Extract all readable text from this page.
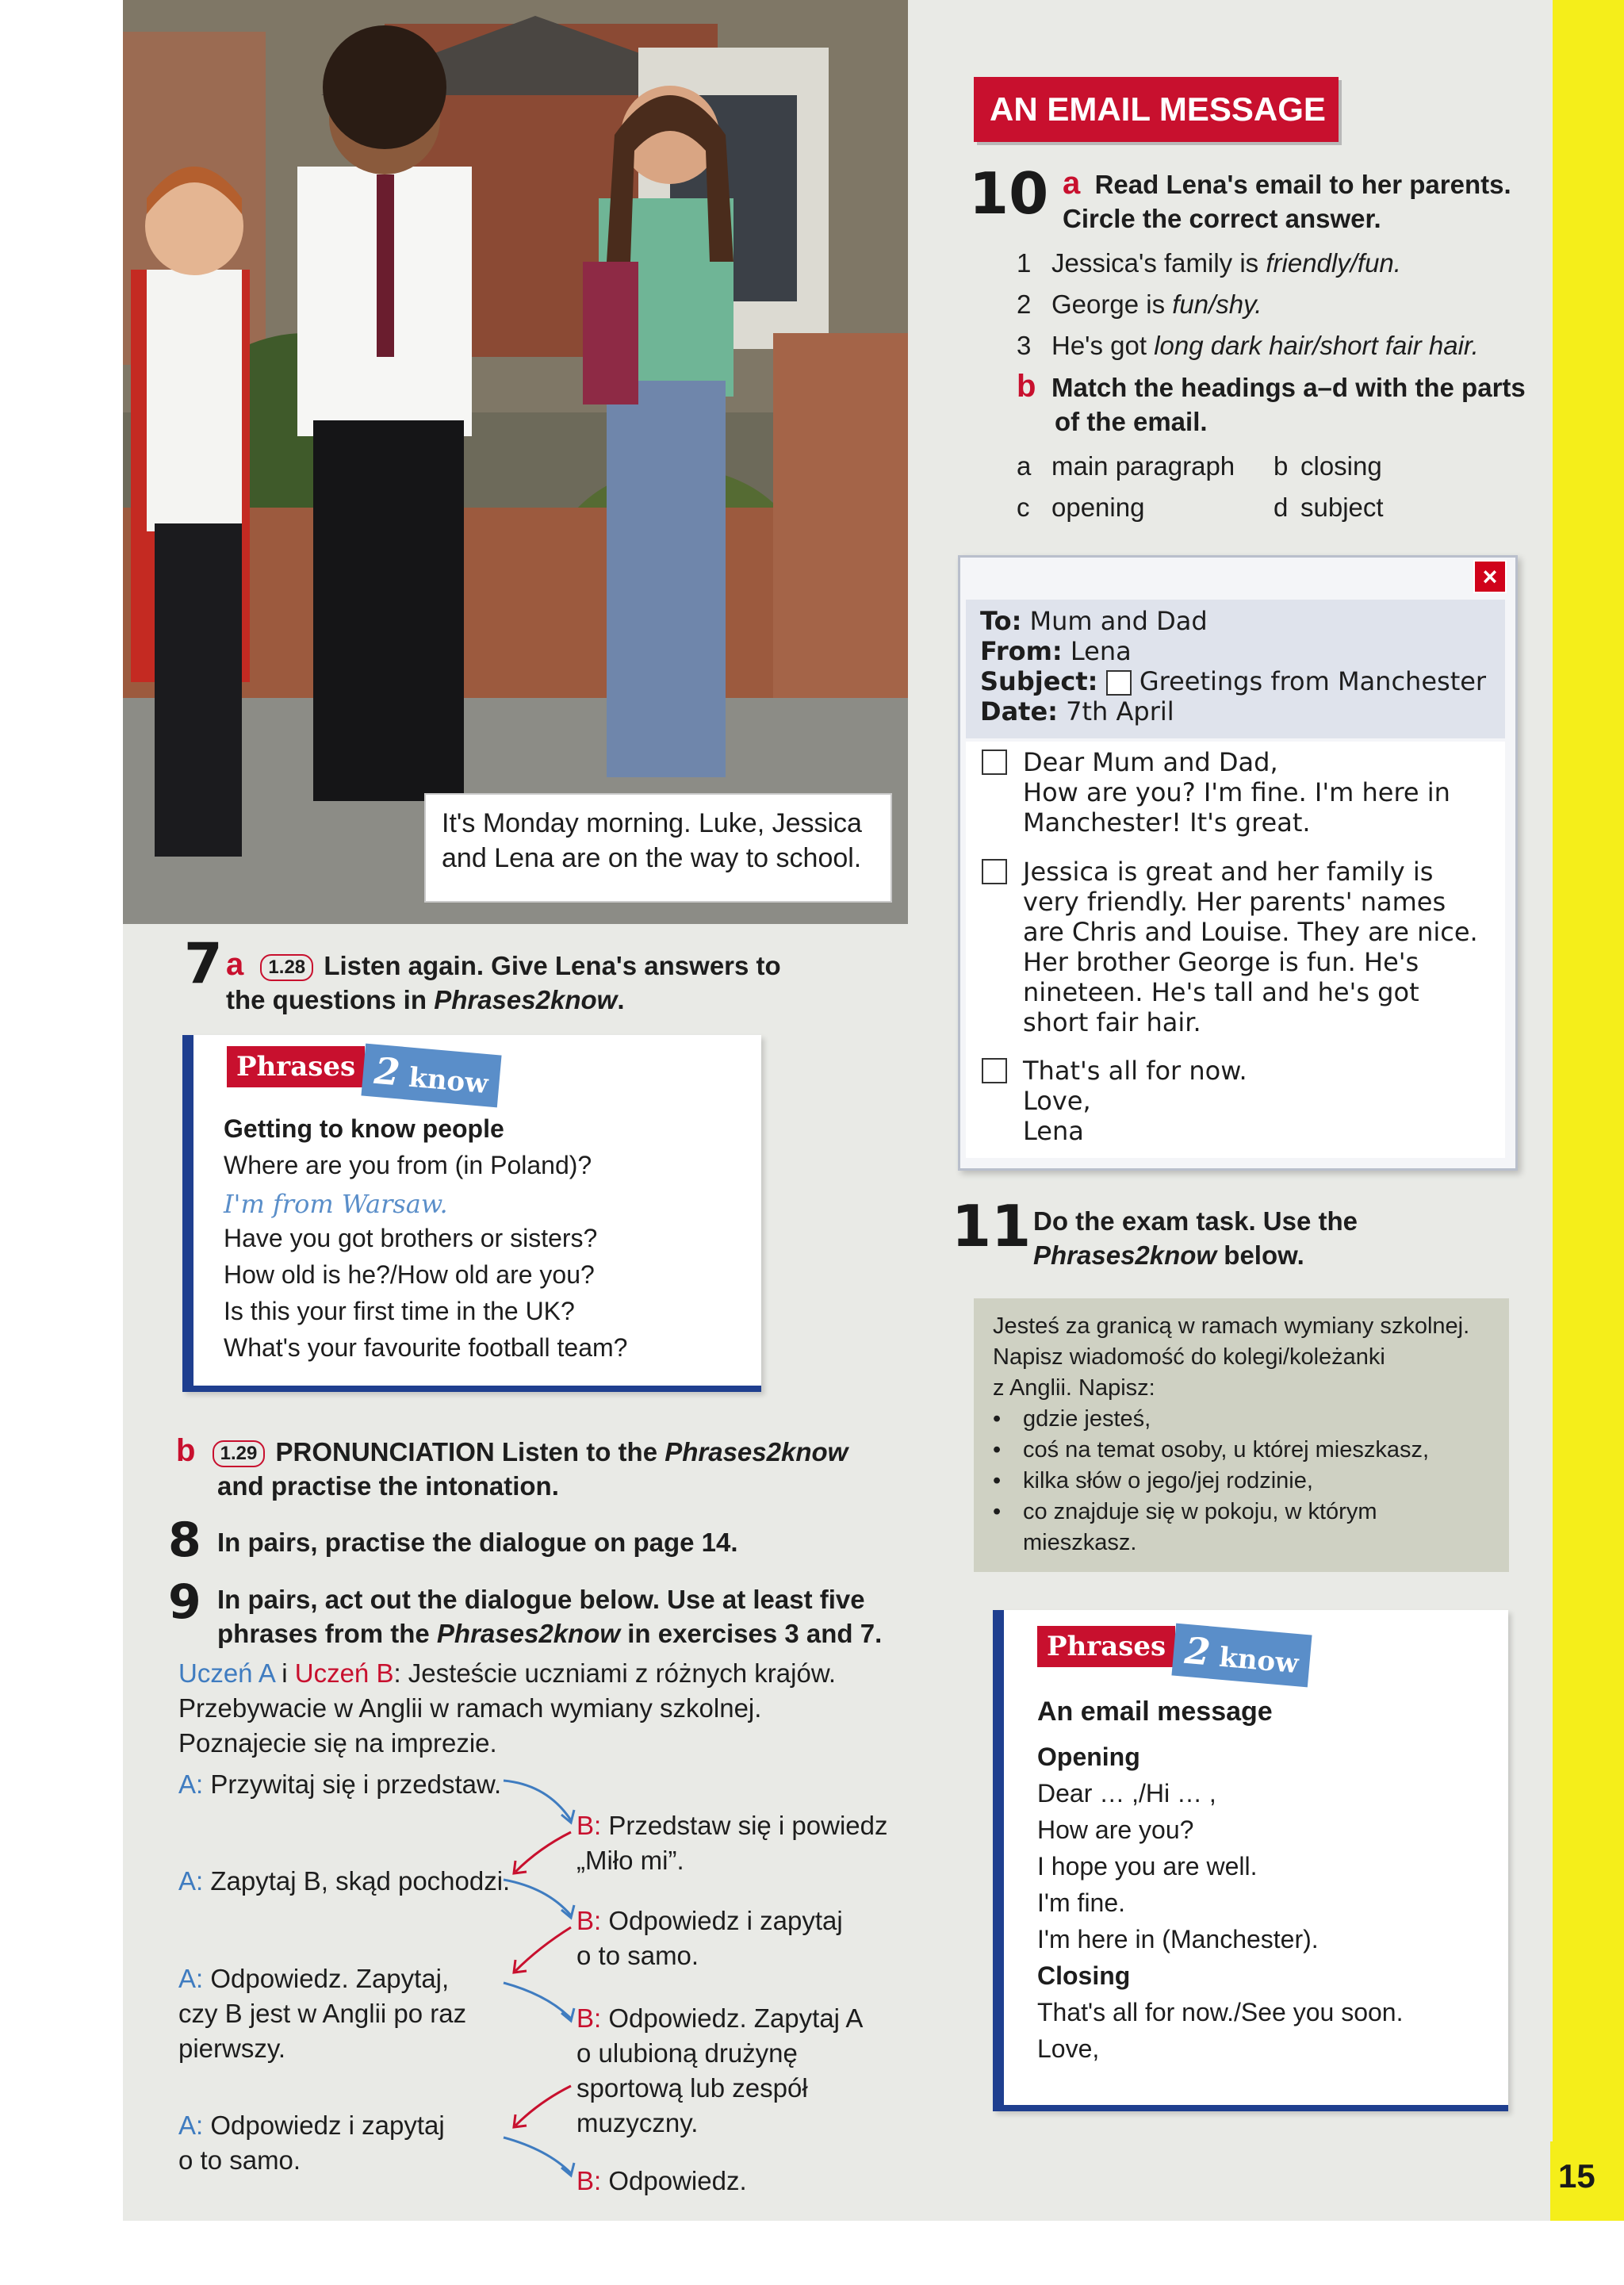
15
It's Monday morning. Luke, Jessica
and Lena are on the way to school.
7 a 1.28 Listen again. Give Lena's answers to
the questions in Phrases2know.
Phrases 2 know
Getting to know people
Where are you from (in Poland)?
I'm from Warsaw.
Have you got brothers or sisters?
How old is he?/How old are you?
Is this your first time in the UK?
What's your favourite football team?
b 1.29 PRONUNCIATION Listen to the Phrases2know
and practise the intonation.
8 In pairs, practise the dialogue on page 14.
9 In pairs, act out the dialogue below. Use at least five
phrases from the Phrases2know in exercises 3 and 7.
Uczeń A i Uczeń B: Jesteście uczniami z różnych krajów.
Przebywacie w Anglii w ramach wymiany szkolnej.
Poznajecie się na imprezie.
A: Przywitaj się i przedstaw.
B: Przedstaw się i powiedz
„Miło mi”.
A: Zapytaj B, skąd pochodzi.
B: Odpowiedz i zapytaj
o to samo.
A: Odpowiedz. Zapytaj,
czy B jest w Anglii po raz
pierwszy.
B: Odpowiedz. Zapytaj A
o ulubioną drużynę
sportową lub zespół
muzyczny.
A: Odpowiedz i zapytaj
o to samo.
B: Odpowiedz.
AN EMAIL MESSAGE
10 a Read Lena's email to her parents.
Circle the correct answer.
1 Jessica's family is friendly/fun.
2 George is fun/shy.
3 He's got long dark hair/short fair hair.
b Match the headings a–d with the parts
of the email.
a main paragraph b closing
c opening	d subject
×
To: Mum and Dad
From: Lena
Subject:  Greetings from Manchester
Date: 7th April
Dear Mum and Dad,
How are you? I'm fine. I'm here in
Manchester! It's great.
Jessica is great and her family is
very friendly. Her parents' names
are Chris and Louise. They are nice.
Her brother George is fun. He's
nineteen. He's tall and he's got
short fair hair.
That's all for now.
Love,
Lena
11 Do the exam task. Use the
Phrases2know below.
Jesteś za granicą w ramach wymiany szkolnej.
Napisz wiadomość do kolegi/koleżanki
z Anglii. Napisz:
• gdzie jesteś,
• coś na temat osoby, u której mieszkasz,
• kilka słów o jego/jej rodzinie,
• co znajduje się w pokoju, w którym
mieszkasz.
Phrases 2 know
An email message
Opening
Dear … ,/Hi … ,
How are you?
I hope you are well.
I'm fine.
I'm here in (Manchester).
Closing
That's all for now./See you soon.
Love,
